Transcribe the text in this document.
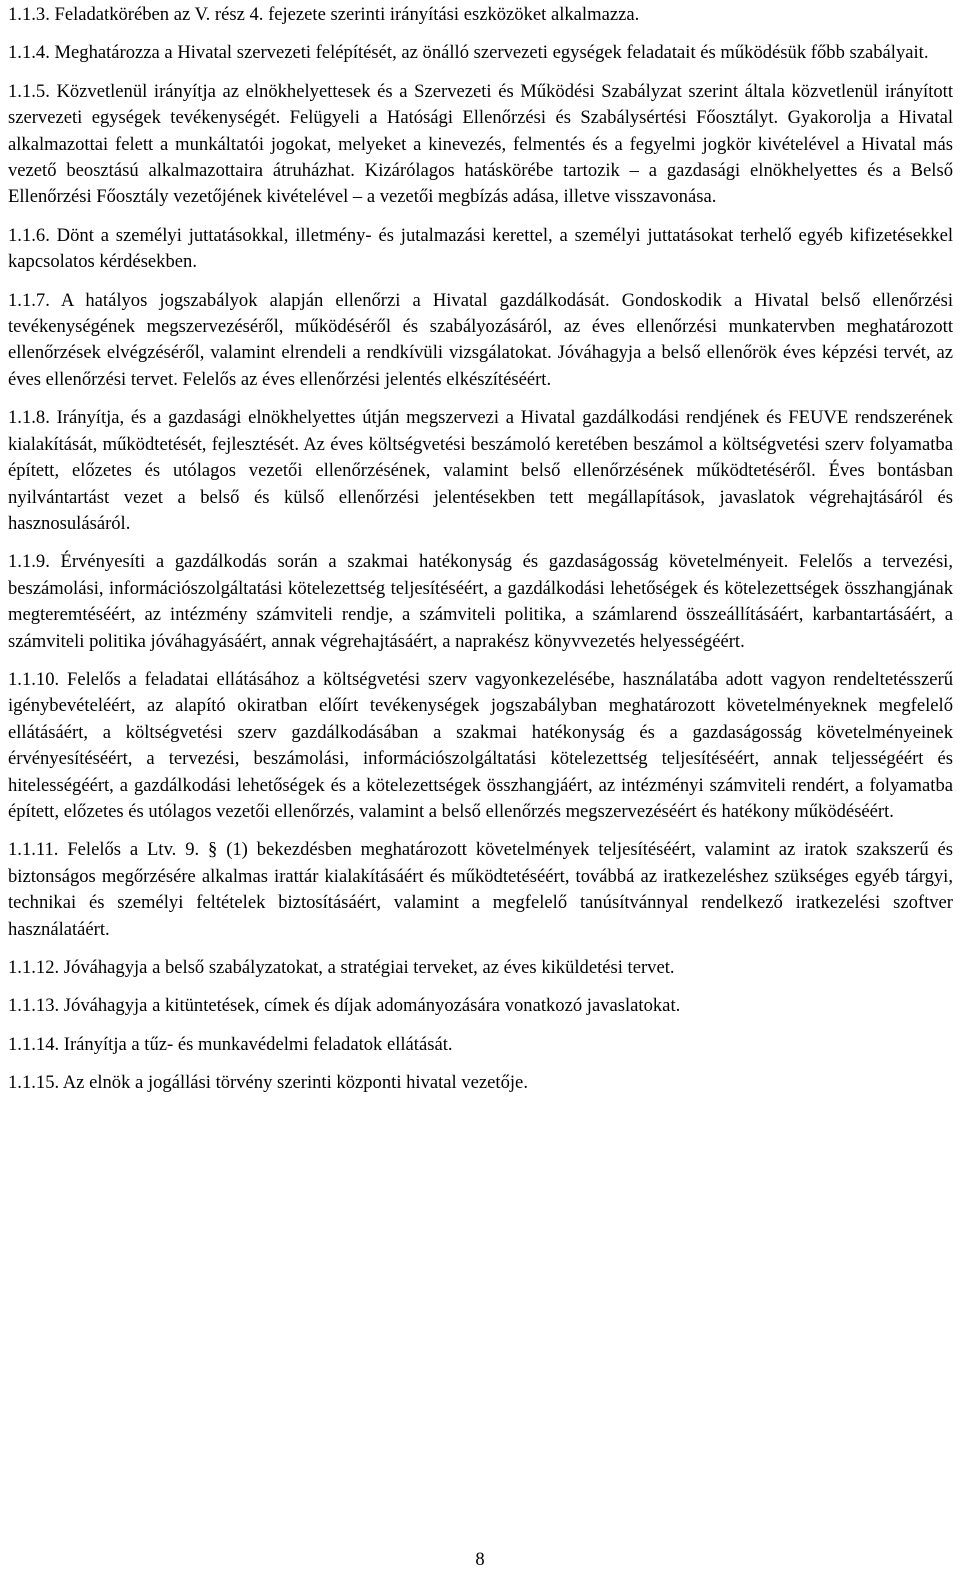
1.1.3. Feladatkörében az V. rész 4. fejezete szerinti irányítási eszközöket alkalmazza.

1.1.4. Meghatározza a Hivatal szervezeti felépítését, az önálló szervezeti egységek feladatait és működésük főbb szabályait.

1.1.5. Közvetlenül irányítja az elnökhelyettesek és a Szervezeti és Működési Szabályzat szerint általa közvetlenül irányított szervezeti egységek tevékenységét. Felügyeli a Hatósági Ellenőrzési és Szabálysértési Főosztályt. Gyakorolja a Hivatal alkalmazottai felett a munkáltatói jogokat, melyeket a kinevezés, felmentés és a fegyelmi jogkör kivételével a Hivatal más vezető beosztású alkalmazottaira átruházhat. Kizárólagos hatáskörébe tartozik – a gazdasági elnökhelyettes és a Belső Ellenőrzési Főosztály vezetőjének kivételével – a vezetői megbízás adása, illetve visszavonása.

1.1.6. Dönt a személyi juttatásokkal, illetmény- és jutalmazási kerettel, a személyi juttatásokat terhelő egyéb kifizetésekkel kapcsolatos kérdésekben.

1.1.7. A hatályos jogszabályok alapján ellenőrzi a Hivatal gazdálkodását. Gondoskodik a Hivatal belső ellenőrzési tevékenységének megszervezéséről, működéséről és szabályozásáról, az éves ellenőrzési munkatervben meghatározott ellenőrzések elvégzéséről, valamint elrendeli a rendkívüli vizsgálatokat. Jóváhagyja a belső ellenőrök éves képzési tervét, az éves ellenőrzési tervet. Felelős az éves ellenőrzési jelentés elkészítéséért.

1.1.8. Irányítja, és a gazdasági elnökhelyettes útján megszervezi a Hivatal gazdálkodási rendjének és FEUVE rendszerének kialakítását, működtetését, fejlesztését. Az éves költségvetési beszámoló keretében beszámol a költségvetési szerv folyamatba épített, előzetes és utólagos vezetői ellenőrzésének, valamint belső ellenőrzésének működtetéséről. Éves bontásban nyilvántartást vezet a belső és külső ellenőrzési jelentésekben tett megállapítások, javaslatok végrehajtásáról és hasznosulásáról.

1.1.9. Érvényesíti a gazdálkodás során a szakmai hatékonyság és gazdaságosság követelményeit. Felelős a tervezési, beszámolási, információszolgáltatási kötelezettség teljesítéséért, a gazdálkodási lehetőségek és kötelezettségek összhangjának megteremtéséért, az intézmény számviteli rendje, a számviteli politika, a számlarend összeállításáért, karbantartásáért, a számviteli politika jóváhagyásáért, annak végrehajtásáért, a naprakész könyvvezetés helyességéért.

1.1.10. Felelős a feladatai ellátásához a költségvetési szerv vagyonkezelésébe, használatába adott vagyon rendeltetésszerű igénybevételéért, az alapító okiratban előírt tevékenységek jogszabályban meghatározott követelményeknek megfelelő ellátásáért, a költségvetési szerv gazdálkodásában a szakmai hatékonyság és a gazdaságosság követelményeinek érvényesítéséért, a tervezési, beszámolási, információszolgáltatási kötelezettség teljesítéséért, annak teljességéért és hitelességéért, a gazdálkodási lehetőségek és a kötelezettségek összhangjáért, az intézményi számviteli rendért, a folyamatba épített, előzetes és utólagos vezetői ellenőrzés, valamint a belső ellenőrzés megszervezéséért és hatékony működéséért.

1.1.11. Felelős a Ltv. 9. § (1) bekezdésben meghatározott követelmények teljesítéséért, valamint az iratok szakszerű és biztonságos megőrzésére alkalmas irattár kialakításáért és működtetéséért, továbbá az iratkezeléshez szükséges egyéb tárgyi, technikai és személyi feltételek biztosításáért, valamint a megfelelő tanúsítvánnyal rendelkező iratkezelési szoftver használatáért.

1.1.12. Jóváhagyja a belső szabályzatokat, a stratégiai terveket, az éves kiküldetési tervet.

1.1.13. Jóváhagyja a kitüntetések, címek és díjak adományozására vonatkozó javaslatokat.

1.1.14. Irányítja a tűz- és munkavédelmi feladatok ellátását.

1.1.15. Az elnök a jogállási törvény szerinti központi hivatal vezetője.

8
